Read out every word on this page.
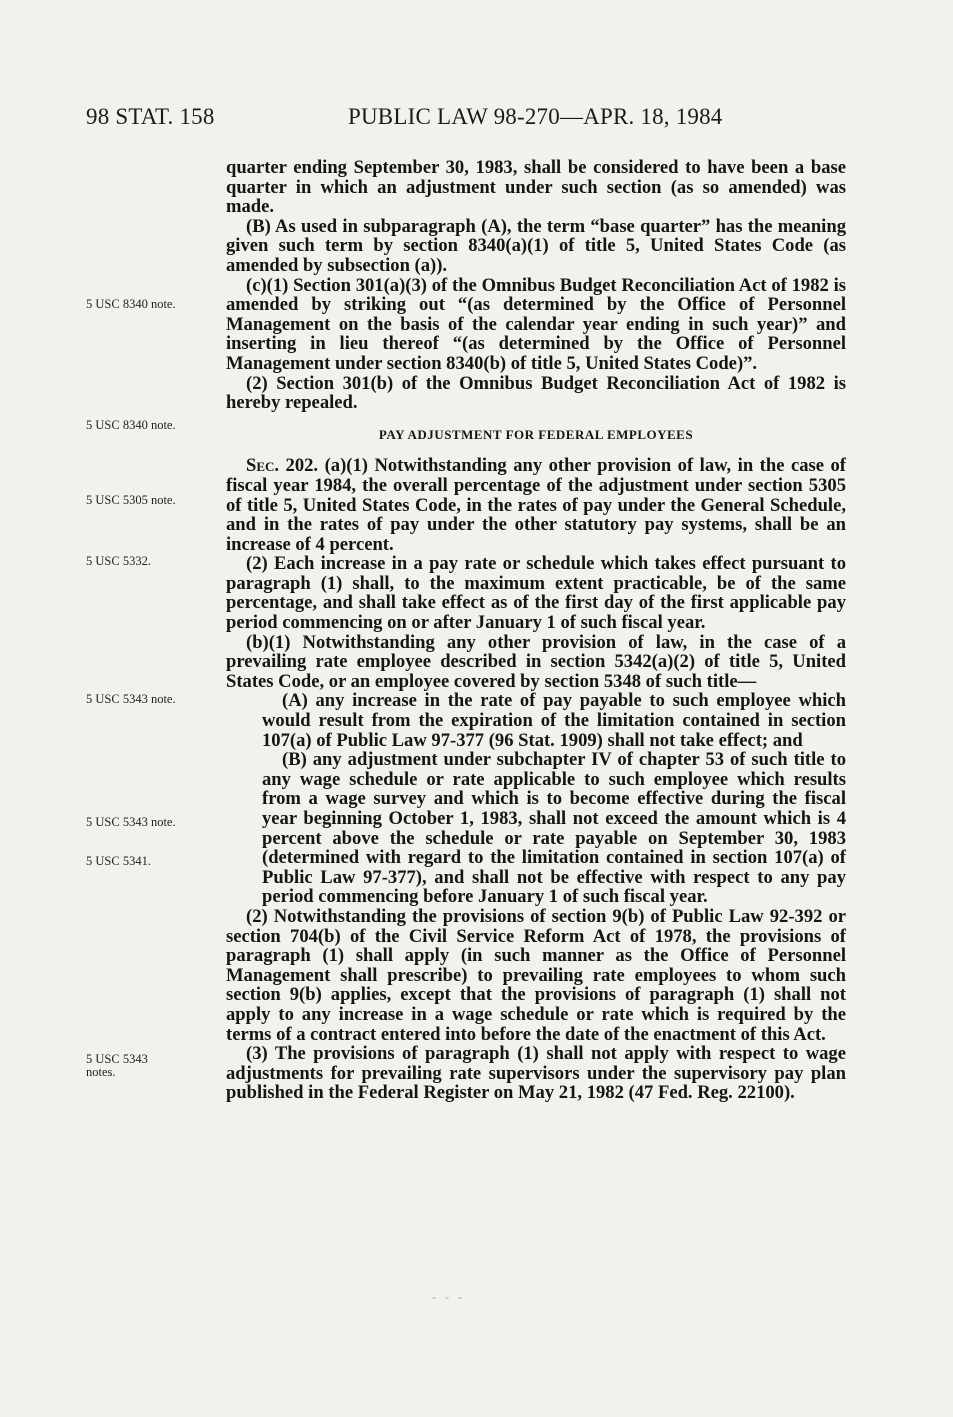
98 STAT. 158	PUBLIC LAW 98-270—APR. 18, 1984
5 USC 8340 note.
5 USC 8340 note.
5 USC 5305 note.
5 USC 5332.
5 USC 5343 note.
5 USC 5343 note.
5 USC 5341.
5 USC 5343 notes.

quarter ending September 30, 1983, shall be considered to have been a base quarter in which an adjustment under such section (as so amended) was made.

(B) As used in subparagraph (A), the term “base quarter” has the meaning given such term by section 8340(a)(1) of title 5, United States Code (as amended by subsection (a)).

(c)(1) Section 301(a)(3) of the Omnibus Budget Reconciliation Act of 1982 is amended by striking out “(as determined by the Office of Personnel Management on the basis of the calendar year ending in such year)” and inserting in lieu thereof “(as determined by the Office of Personnel Management under section 8340(b) of title 5, United States Code)”.

(2) Section 301(b) of the Omnibus Budget Reconciliation Act of 1982 is hereby repealed.

PAY ADJUSTMENT FOR FEDERAL EMPLOYEES

Sec. 202. (a)(1) Notwithstanding any other provision of law, in the case of fiscal year 1984, the overall percentage of the adjustment under section 5305 of title 5, United States Code, in the rates of pay under the General Schedule, and in the rates of pay under the other statutory pay systems, shall be an increase of 4 percent.

(2) Each increase in a pay rate or schedule which takes effect pursuant to paragraph (1) shall, to the maximum extent practicable, be of the same percentage, and shall take effect as of the first day of the first applicable pay period commencing on or after January 1 of such fiscal year.

(b)(1) Notwithstanding any other provision of law, in the case of a prevailing rate employee described in section 5342(a)(2) of title 5, United States Code, or an employee covered by section 5348 of such title—

(A) any increase in the rate of pay payable to such employee which would result from the expiration of the limitation contained in section 107(a) of Public Law 97-377 (96 Stat. 1909) shall not take effect; and

(B) any adjustment under subchapter IV of chapter 53 of such title to any wage schedule or rate applicable to such employee which results from a wage survey and which is to become effective during the fiscal year beginning October 1, 1983, shall not exceed the amount which is 4 percent above the schedule or rate payable on September 30, 1983 (determined with regard to the limitation contained in section 107(a) of Public Law 97-377), and shall not be effective with respect to any pay period commencing before January 1 of such fiscal year.

(2) Notwithstanding the provisions of section 9(b) of Public Law 92-392 or section 704(b) of the Civil Service Reform Act of 1978, the provisions of paragraph (1) shall apply (in such manner as the Office of Personnel Management shall prescribe) to prevailing rate employees to whom such section 9(b) applies, except that the provisions of paragraph (1) shall not apply to any increase in a wage schedule or rate which is required by the terms of a contract entered into before the date of the enactment of this Act.

(3) The provisions of paragraph (1) shall not apply with respect to wage adjustments for prevailing rate supervisors under the supervisory pay plan published in the Federal Register on May 21, 1982 (47 Fed. Reg. 22100).

- - -
